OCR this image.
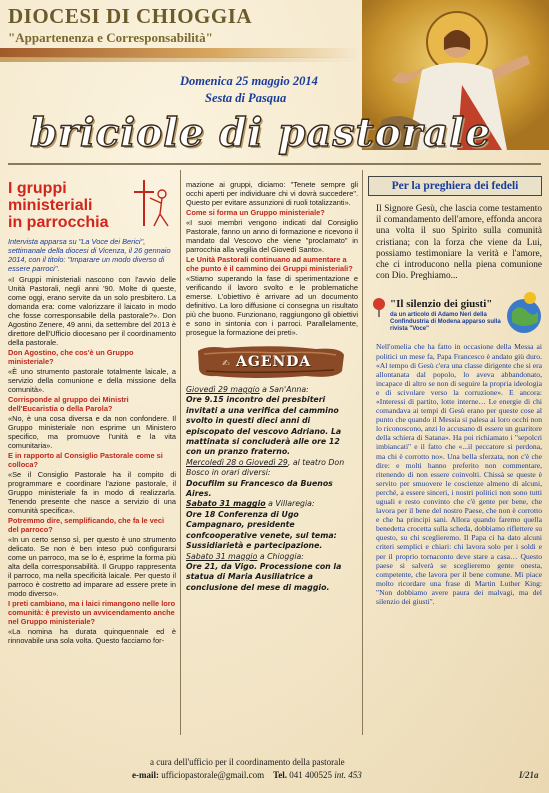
DIOCESI DI CHIOGGIA
"Appartenenza e Corresponsabilità"
Domenica 25 maggio 2014
Sesta di Pasqua
briciole di pastorale
I gruppi
ministeriali
in parrocchia
Intervista apparsa su "La Voce dei Berici", settimanale della diocesi di Vicenza, il 26 gennaio 2014, con il titolo: "Imparare un modo diverso di essere parroci".
«I Gruppi ministeriali nascono con l'avvio delle Unità Pastorali, negli anni '90. Molte di queste, come oggi, erano servite da un solo presbitero. La domanda era: come valorizzare il laicato in modo che fosse corresponsabile della pastorale?». Don Agostino Zenere, 49 anni, da settembre del 2013 è direttore dell'Ufficio diocesano per il coordinamento della pastorale.
Don Agostino, che cos'è un Gruppo ministeriale?
«È uno strumento pastorale totalmente laicale, a servizio della comunione e della missione della comunità».
Corrisponde al gruppo dei Ministri dell'Eucaristia o della Parola?
«No, è una cosa diversa e da non confondere. Il Gruppo ministeriale non esprime un Ministero specifico, ma promuove l'unità e la vita comunitaria».
E in rapporto al Consiglio Pastorale come si colloca?
«Se il Consiglio Pastorale ha il compito di programmare e coordinare l'azione pastorale, il Gruppo ministeriale fa in modo di realizzarla. Tenendo presente che nasce a servizio di una comunità specifica».
Potremmo dire, semplificando, che fa le veci del parroco?
«In un certo senso sì, per questo è uno strumento delicato. Se non è ben inteso può configurarsi come un parroco, ma se lo è, esprime la forma più alta della corresponsabilità. Il Gruppo rappresenta il parroco, ma nella specificità laicale. Per questo il parroco è costretto ad imparare ad essere prete in modo diverso».
I preti cambiano, ma i laici rimangono nelle loro comunità: è previsto un avvicendamento anche nel Gruppo ministeriale?
«La nomina ha durata quinquennale ed è rinnovabile una sola volta. Questo facciamo for-
mazione ai gruppi, diciamo: "Tenete sempre gli occhi aperti per individuare chi vi dovrà succedere". Questo per evitare assunzioni di ruoli totalizzanti».
Come si forma un Gruppo ministeriale?
«I suoi membri vengono indicati dal Consiglio Pastorale, fanno un anno di formazione e ricevono il mandato dal Vescovo che viene "proclamato" in parrocchia alla vegilia del Giovedì Santo».
Le Unità Pastorali continuano ad aumentare a che punto è il cammino dei Gruppi ministeriali?
«Stiamo superando la fase di sperimentazione e verificando il lavoro svolto e le problematiche emerse. L'obiettivo è arrivare ad un documento definitivo. La loro diffusione ci consegna un risultato più che buono. Funzionano, raggiungono gli obiettivi e sono in sintonia con i parroci. Parallelamente, prosegue la formazione dei preti».
✍ AGENDA
Giovedì 29 maggio a San'Anna:
Ore 9.15 incontro dei presbiteri invitati a una verifica del cammino svolto in questi dieci anni di episcopato del vescovo Adriano. La mattinata si concluderà alle ore 12 con un pranzo fraterno.
Mercoledì 28 o Giovedì 29, al teatro Don Bosco in orari diversi:
Docufilm su Francesco da Buenos Aires.
Sabato 31 maggio a Villaregia:
Ore 18 Conferenza di Ugo Campagnaro, presidente confcooperative venete, sul tema: Sussidiarietà e partecipazione.
Sabato 31 maggio a Chioggia:
Ore 21, da Vigo. Processione con la statua di Maria Ausiliatrice a conclusione del mese di maggio.
Per la preghiera dei fedeli
Il Signore Gesù, che lascia come testamento il comandamento dell'amore, effonda ancora una volta il suo Spirito sulla comunità cristiana; con la forza che viene da Lui, possiamo testimoniare la verità e l'amore, che ci introducono nella piena comunione con Dio. Preghiamo...
"Il silenzio dei giusti"
da un articolo di Adamo Neri della Confindustria di Modena apparso sulla rivista "Voce"
Nell'omelia che ha fatto in occasione della Messa ai politici un mese fa, Papa Francesco è andato giù duro. «Al tempo di Gesù c'era una classe dirigente che si era allontanata dal popolo, lo aveva abbandonato, incapace di altro se non di seguire la propria ideologia e di scivolare verso la corruzione». E ancora: «Interessi di partito, lotte interne… Le energie di chi comandava ai tempi di Gesù erano per queste cose al punto che quando il Messia si palesa ai loro occhi non lo riconoscono, anzi lo accusano di essere un guaritore della schiera di Satana». Ha poi richiamato i "sepolcri imbiancati" e il fatto che «...il peccatore si perdona, ma chi è corrotto no». Una bella sferzata, non c'è che dire: e molti hanno preferito non commentare, ritenendo di non essere coinvolti. Chissà se queste è servito per smuovere le coscienze almeno di alcuni, perché, a essere sinceri, i nostri politici non sono tutti uguali e resto convinto che c'è gente per bene, che lavora per il bene del nostro Paese, che non è corrotto e che ha principi sani. Allora quando faremo quella benedetta crocetta sulla scheda, dobbiamo riflettere su questo, su chi sceglieremo. Il Papa ci ha dato alcuni criteri semplici e chiari: chi lavora solo per i soldi e per il proprio tornaconto deve stare a casa… Questo paese si salverà se sceglieremo gente onesta, competente, che lavora per il bene comune. Mi piace molto ricordare una frase di Martin Luther King: "Non dobbiamo avere paura dei malvagi, ma del silenzio dei giusti".
a cura dell'ufficio per il coordinamento della pastorale
e-mail: ufficiopastorale@gmail.com Tel. 041 400525 int. 453	I/21a
